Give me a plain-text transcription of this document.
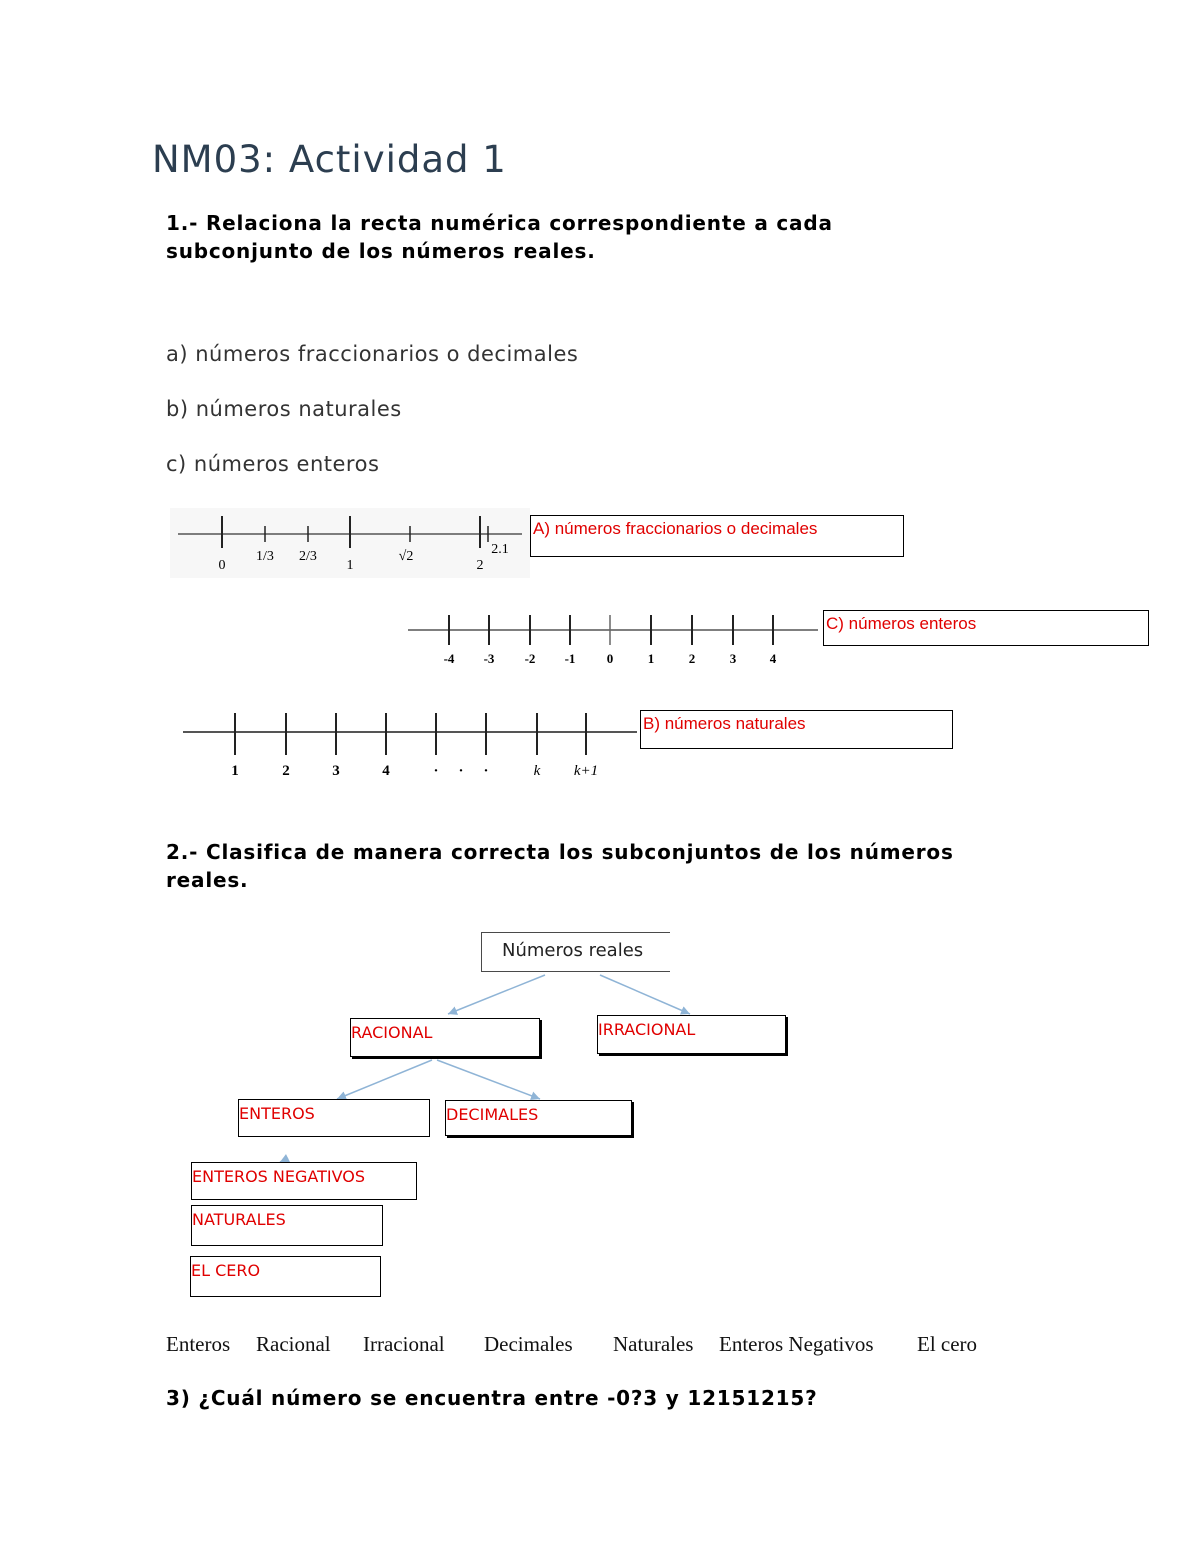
NM03: Actividad 1
1.- Relaciona la recta numérica correspondiente a cada
subconjunto de los números reales.
a) números fraccionarios o decimales
b) números naturales
c) números enteros
0
1/3 2/3
1
√2
2
2.1
A) números fraccionarios o decimales
-4 -3 -2 -1 0	1	2	3	4
C) números enteros
1	2	3	4	· · ·	k k+1
B) números naturales
2.- Clasifica de manera correcta los subconjuntos de los números
reales.
Números reales
RACIONAL	IRRACIONAL
ENTEROS	DECIMALES
ENTEROS NEGATIVOS
NATURALES
EL CERO
Enteros Racional Irracional Decimales Naturales Enteros Negativos El cero
3) ¿Cuál número se encuentra entre -0?3 y 12151215?
